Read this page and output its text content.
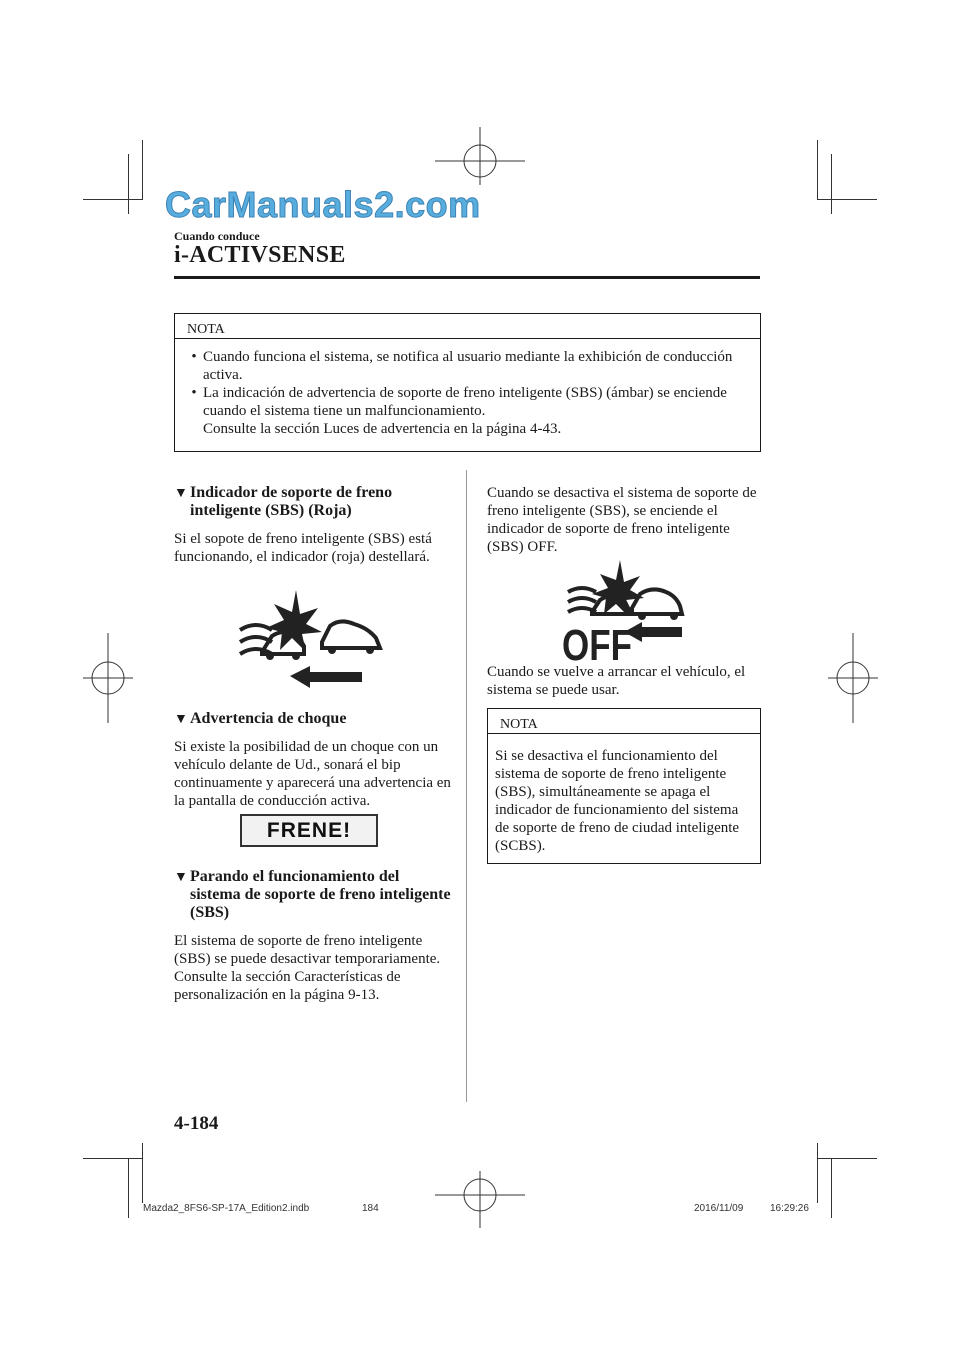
CarManuals2.com
Cuando conduce
i-ACTIVSENSE
NOTA
• Cuando funciona el sistema, se notifica al usuario mediante la exhibición de conducción activa.
• La indicación de advertencia de soporte de freno inteligente (SBS) (ámbar) se enciende cuando el sistema tiene un malfuncionamiento.
Consulte la sección Luces de advertencia en la página 4-43.
▼ Indicador de soporte de freno inteligente (SBS) (Roja)
Si el sopote de freno inteligente (SBS) está funcionando, el indicador (roja) destellará.
▼ Advertencia de choque
Si existe la posibilidad de un choque con un vehículo delante de Ud., sonará el bip continuamente y aparecerá una advertencia en la pantalla de conducción activa.
FRENE!
▼ Parando el funcionamiento del sistema de soporte de freno inteligente (SBS)
El sistema de soporte de freno inteligente (SBS) se puede desactivar temporariamente.
Consulte la sección Características de personalización en la página 9-13.
Cuando se desactiva el sistema de soporte de freno inteligente (SBS), se enciende el indicador de soporte de freno inteligente (SBS) OFF.
OFF
Cuando se vuelve a arrancar el vehículo, el sistema se puede usar.
NOTA
Si se desactiva el funcionamiento del sistema de soporte de freno inteligente (SBS), simultáneamente se apaga el indicador de funcionamiento del sistema de soporte de freno de ciudad inteligente (SCBS).
4-184
Mazda2_8FS6-SP-17A_Edition2.indb	184	2016/11/09	16:29:26
